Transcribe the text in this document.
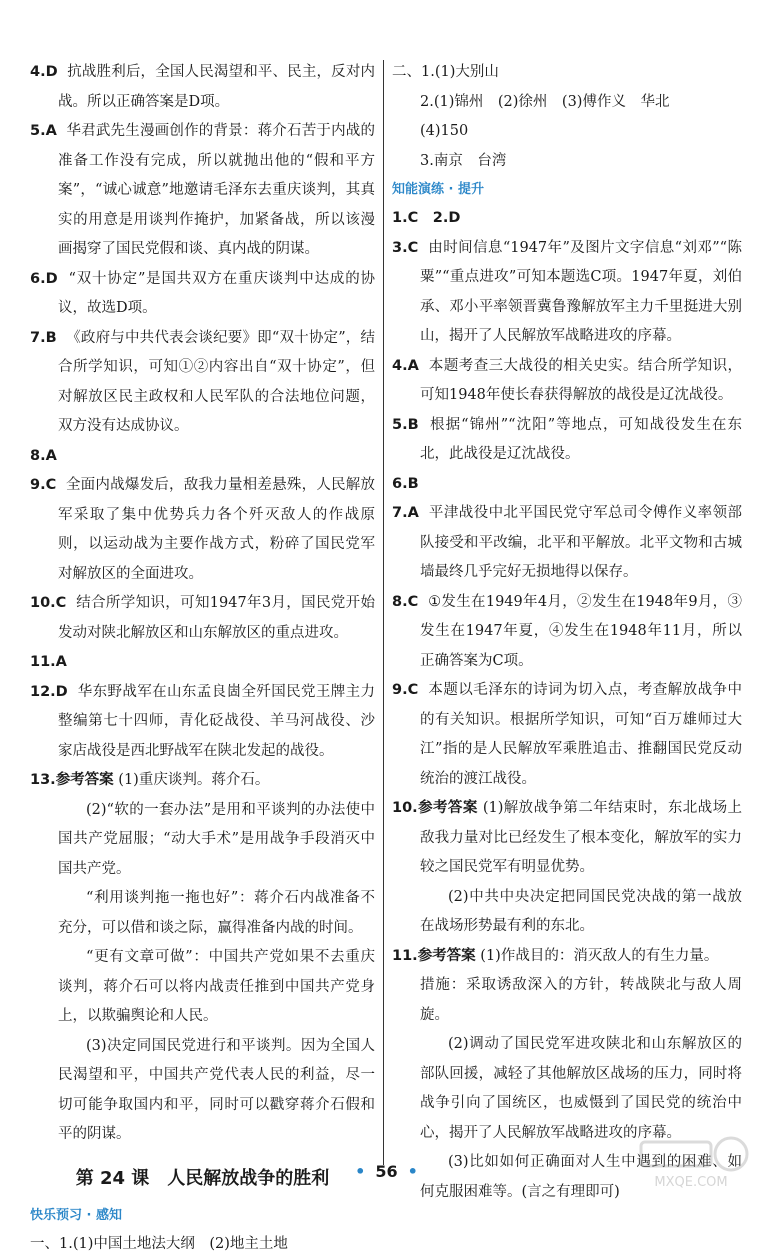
4.D 抗战胜利后，全国人民渴望和平、民主，反对内战。所以正确答案是D项。
5.A 华君武先生漫画创作的背景：蒋介石苦于内战的准备工作没有完成，所以就抛出他的“假和平方案”，“诚心诚意”地邀请毛泽东去重庆谈判，其真实的用意是用谈判作掩护，加紧备战，所以该漫画揭穿了国民党假和谈、真内战的阴谋。
6.D “双十协定”是国共双方在重庆谈判中达成的协议，故选D项。
7.B 《政府与中共代表会谈纪要》即“双十协定”，结合所学知识，可知①②内容出自“双十协定”，但对解放区民主政权和人民军队的合法地位问题，双方没有达成协议。
8.A
9.C 全面内战爆发后，敌我力量相差悬殊，人民解放军采取了集中优势兵力各个歼灭敌人的作战原则，以运动战为主要作战方式，粉碎了国民党军对解放区的全面进攻。
10.C 结合所学知识，可知1947年3月，国民党开始发动对陕北解放区和山东解放区的重点进攻。
11.A
12.D 华东野战军在山东孟良崮全歼国民党王牌主力整编第七十四师，青化砭战役、羊马河战役、沙家店战役是西北野战军在陕北发起的战役。
13.参考答案 (1)重庆谈判。蒋介石。

(2)“软的一套办法”是用和平谈判的办法使中国共产党屈服；“动大手术”是用战争手段消灭中国共产党。

“利用谈判拖一拖也好”：蒋介石内战准备不充分，可以借和谈之际，赢得准备内战的时间。

“更有文章可做”：中国共产党如果不去重庆谈判，蒋介石可以将内战责任推到中国共产党身上，以欺骗舆论和人民。

(3)决定同国民党进行和平谈判。因为全国人民渴望和平，中国共产党代表人民的利益，尽一切可能争取国内和平，同时可以戳穿蒋介石假和平的阴谋。

第 24 课　人民解放战争的胜利
快乐预习 · 感知

一、1.(1)中国土地法大纲　(2)地主土地

二、1.(1)大别山

2.(1)锦州　(2)徐州　(3)傅作义　华北

(4)150

3.南京　台湾

知能演练 · 提升
1.C　2.D
3.C 由时间信息“1947年”及图片文字信息“刘邓”“陈粟”“重点进攻”可知本题选C项。1947年夏，刘伯承、邓小平率领晋冀鲁豫解放军主力千里挺进大别山，揭开了人民解放军战略进攻的序幕。
4.A 本题考查三大战役的相关史实。结合所学知识，可知1948年使长春获得解放的战役是辽沈战役。
5.B 根据“锦州”“沈阳”等地点，可知战役发生在东北，此战役是辽沈战役。
6.B
7.A 平津战役中北平国民党守军总司令傅作义率领部队接受和平改编，北平和平解放。北平文物和古城墙最终几乎完好无损地得以保存。
8.C ①发生在1949年4月，②发生在1948年9月，③发生在1947年夏，④发生在1948年11月，所以正确答案为C项。
9.C 本题以毛泽东的诗词为切入点，考查解放战争中的有关知识。根据所学知识，可知“百万雄师过大江”指的是人民解放军乘胜追击、推翻国民党反动统治的渡江战役。
10.参考答案 (1)解放战争第二年结束时，东北战场上敌我力量对比已经发生了根本变化，解放军的实力较之国民党军有明显优势。

(2)中共中央决定把同国民党决战的第一战放在战场形势最有利的东北。

11.参考答案 (1)作战目的：消灭敌人的有生力量。

措施：采取诱敌深入的方针，转战陕北与敌人周旋。

(2)调动了国民党军进攻陕北和山东解放区的部队回援，减轻了其他解放区战场的压力，同时将战争引向了国统区，也威慑到了国民党的统治中心，揭开了人民解放军战略进攻的序幕。

(3)比如如何正确面对人生中遇到的困难、如何克服困难等。(言之有理即可)

• 56 •
MXQE.COM
